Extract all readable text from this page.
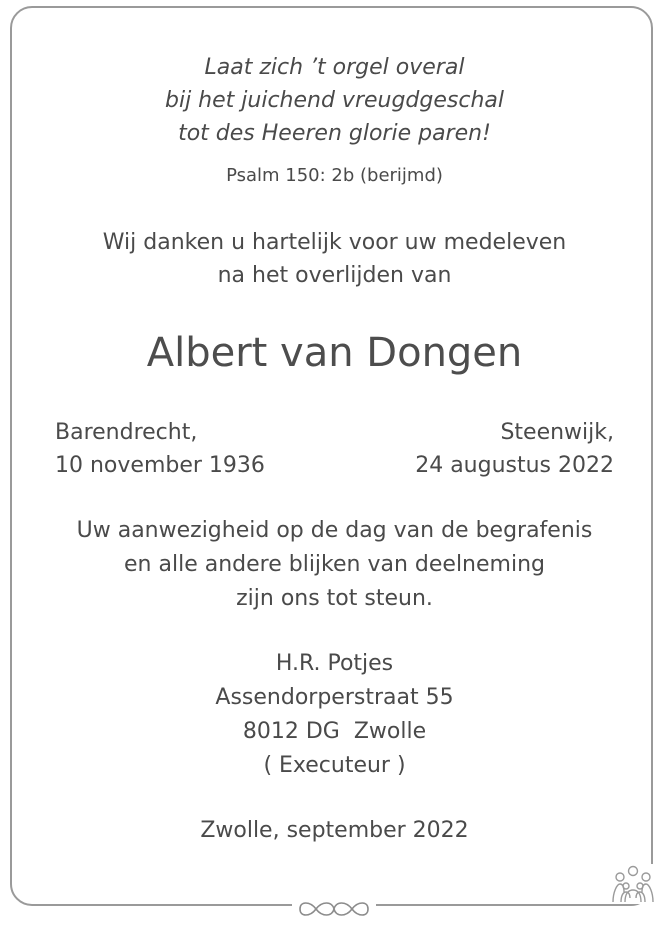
Laat zich ’t orgel overal
bij het juichend vreugdgeschal
tot des Heeren glorie paren!
Psalm 150: 2b (berijmd)
Wij danken u hartelijk voor uw medeleven
na het overlijden van
Albert van Dongen
Barendrecht,
10 november 1936
Steenwijk,
24 augustus 2022
Uw aanwezigheid op de dag van de begrafenis
en alle andere blijken van deelneming
zijn ons tot steun.
H.R. Potjes
Assendorperstraat 55
8012 DG  Zwolle
( Executeur )
Zwolle, september 2022
